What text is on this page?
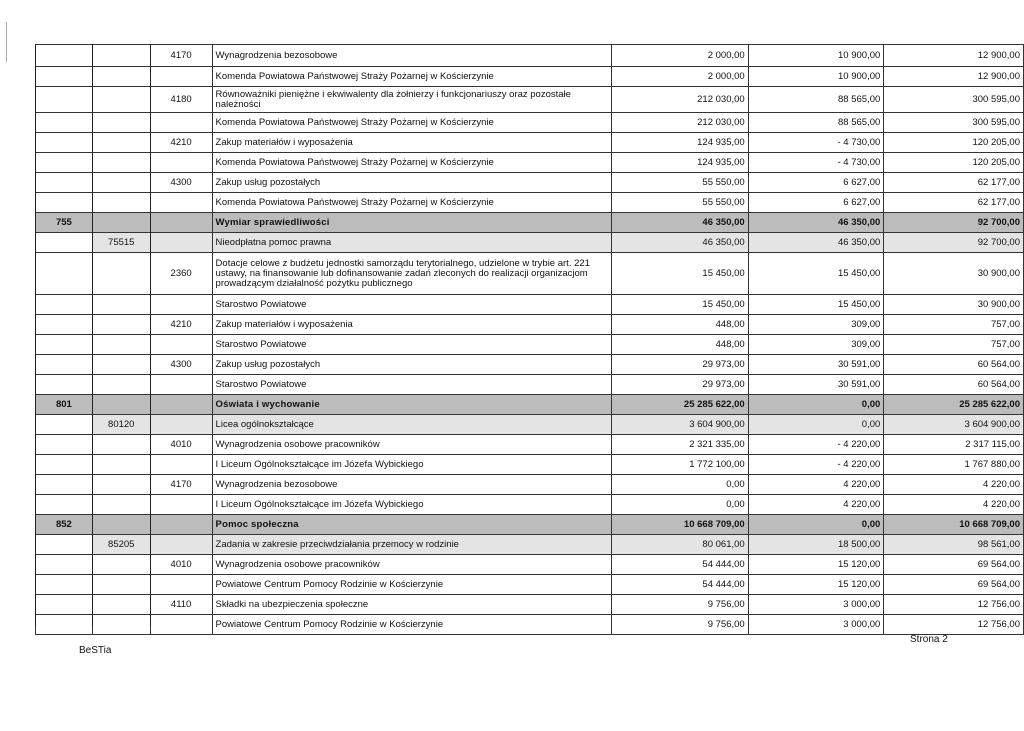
		4170	Wynagrodzenia bezosobowe	2 000,00	10 900,00	12 900,00
			Komenda Powiatowa Państwowej Straży Pożarnej w Kościerzynie	2 000,00	10 900,00	12 900,00
		4180	Równoważniki pieniężne i ekwiwalenty dla żołnierzy i funkcjonariuszy oraz pozostałe należności	212 030,00	88 565,00	300 595,00
			Komenda Powiatowa Państwowej Straży Pożarnej w Kościerzynie	212 030,00	88 565,00	300 595,00
		4210	Zakup materiałów i wyposażenia	124 935,00	- 4 730,00	120 205,00
			Komenda Powiatowa Państwowej Straży Pożarnej w Kościerzynie	124 935,00	- 4 730,00	120 205,00
		4300	Zakup usług pozostałych	55 550,00	6 627,00	62 177,00
			Komenda Powiatowa Państwowej Straży Pożarnej w Kościerzynie	55 550,00	6 627,00	62 177,00
755			Wymiar sprawiedliwości	46 350,00	46 350,00	92 700,00
	75515		Nieodpłatna pomoc prawna	46 350,00	46 350,00	92 700,00
		2360	Dotacje celowe z budżetu jednostki samorządu terytorialnego, udzielone w trybie art. 221 ustawy, na finansowanie lub dofinansowanie zadań zleconych do realizacji organizacjom prowadzącym działalność pożytku publicznego	15 450,00	15 450,00	30 900,00
			Starostwo Powiatowe	15 450,00	15 450,00	30 900,00
		4210	Zakup materiałów i wyposażenia	448,00	309,00	757,00
			Starostwo Powiatowe	448,00	309,00	757,00
		4300	Zakup usług pozostałych	29 973,00	30 591,00	60 564,00
			Starostwo Powiatowe	29 973,00	30 591,00	60 564,00
801			Oświata i wychowanie	25 285 622,00	0,00	25 285 622,00
	80120		Licea ogólnokształcące	3 604 900,00	0,00	3 604 900,00
		4010	Wynagrodzenia osobowe pracowników	2 321 335,00	- 4 220,00	2 317 115,00
			I Liceum Ogólnokształcące im Józefa Wybickiego	1 772 100,00	- 4 220,00	1 767 880,00
		4170	Wynagrodzenia bezosobowe	0,00	4 220,00	4 220,00
			I Liceum Ogólnokształcące im Józefa Wybickiego	0,00	4 220,00	4 220,00
852			Pomoc społeczna	10 668 709,00	0,00	10 668 709,00
	85205		Zadania w zakresie przeciwdziałania przemocy w rodzinie	80 061,00	18 500,00	98 561,00
		4010	Wynagrodzenia osobowe pracowników	54 444,00	15 120,00	69 564,00
			Powiatowe Centrum Pomocy Rodzinie w Kościerzynie	54 444,00	15 120,00	69 564,00
		4110	Składki na ubezpieczenia społeczne	9 756,00	3 000,00	12 756,00
			Powiatowe Centrum Pomocy Rodzinie w Kościerzynie	9 756,00	3 000,00	12 756,00
BeSTia
Strona 2
